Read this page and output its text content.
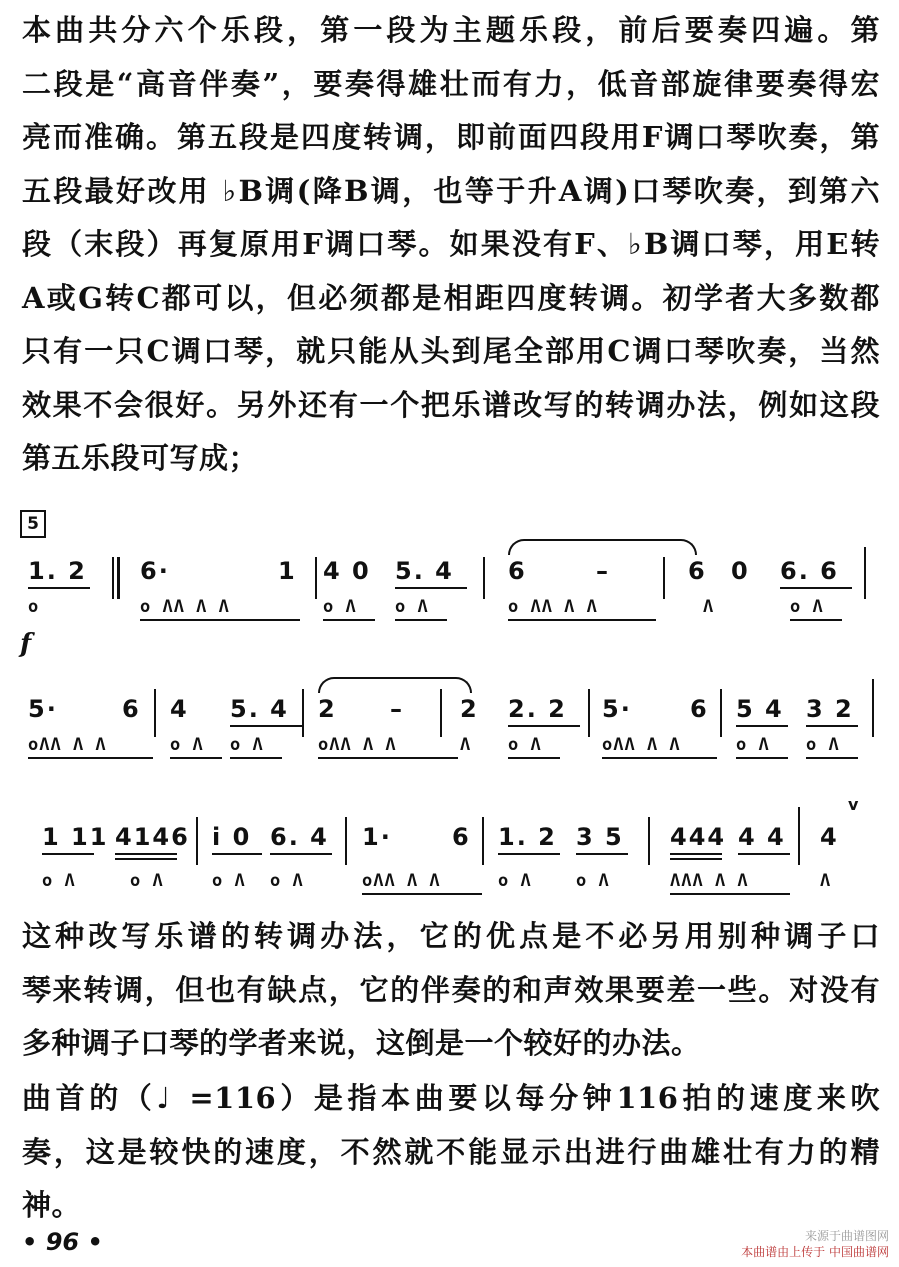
本曲共分六个乐段，第一段为主题乐段，前后要奏四遍。第
二段是“高音伴奏”，要奏得雄壮而有力，低音部旋律要奏得宏
亮而准确。第五段是四度转调，即前面四段用F调口琴吹奏，第
五段最好改用 ♭B调(降B调，也等于升A调)口琴吹奏，到第六
段（末段）再复原用F调口琴。如果没有F、♭B调口琴，用E转
A或G转C都可以，但必须都是相距四度转调。初学者大多数都
只有一只C调口琴，就只能从头到尾全部用C调口琴吹奏，当然
效果不会很好。另外还有一个把乐谱改写的转调办法，例如这段
第五乐段可写成；
5
1. 2 6·	1 4 0 5. 4 6	–	6 0 6. 6
o	o ΛΛ Λ Λ	o Λ o Λ	o ΛΛ Λ Λ	Λ	o Λ
f
5·	6 4 5. 4 2 – 2 2. 2 5· 6 5 4 3 2
oΛΛ Λ Λ	o Λ o Λ	oΛΛ Λ Λ	Λ o Λ	oΛΛ Λ Λ	o Λ o Λ
1 11 4146 i 0 6. 4 1·	6 1. 2 3 5 444 4 4 4
v
o Λ	o Λ	o Λ o Λ	oΛΛ Λ Λ	o Λ	o Λ	ΛΛΛ Λ Λ	Λ
这种改写乐谱的转调办法，它的优点是不必另用别种调子口
琴来转调，但也有缺点，它的伴奏的和声效果要差一些。对没有
多种调子口琴的学者来说，这倒是一个较好的办法。
曲首的（♩ =116）是指本曲要以每分钟116拍的速度来吹
奏，这是较快的速度，不然就不能显示出进行曲雄壮有力的精
神。
• 96 •	来源于曲谱图网
本曲谱由上传于 中国曲谱网
